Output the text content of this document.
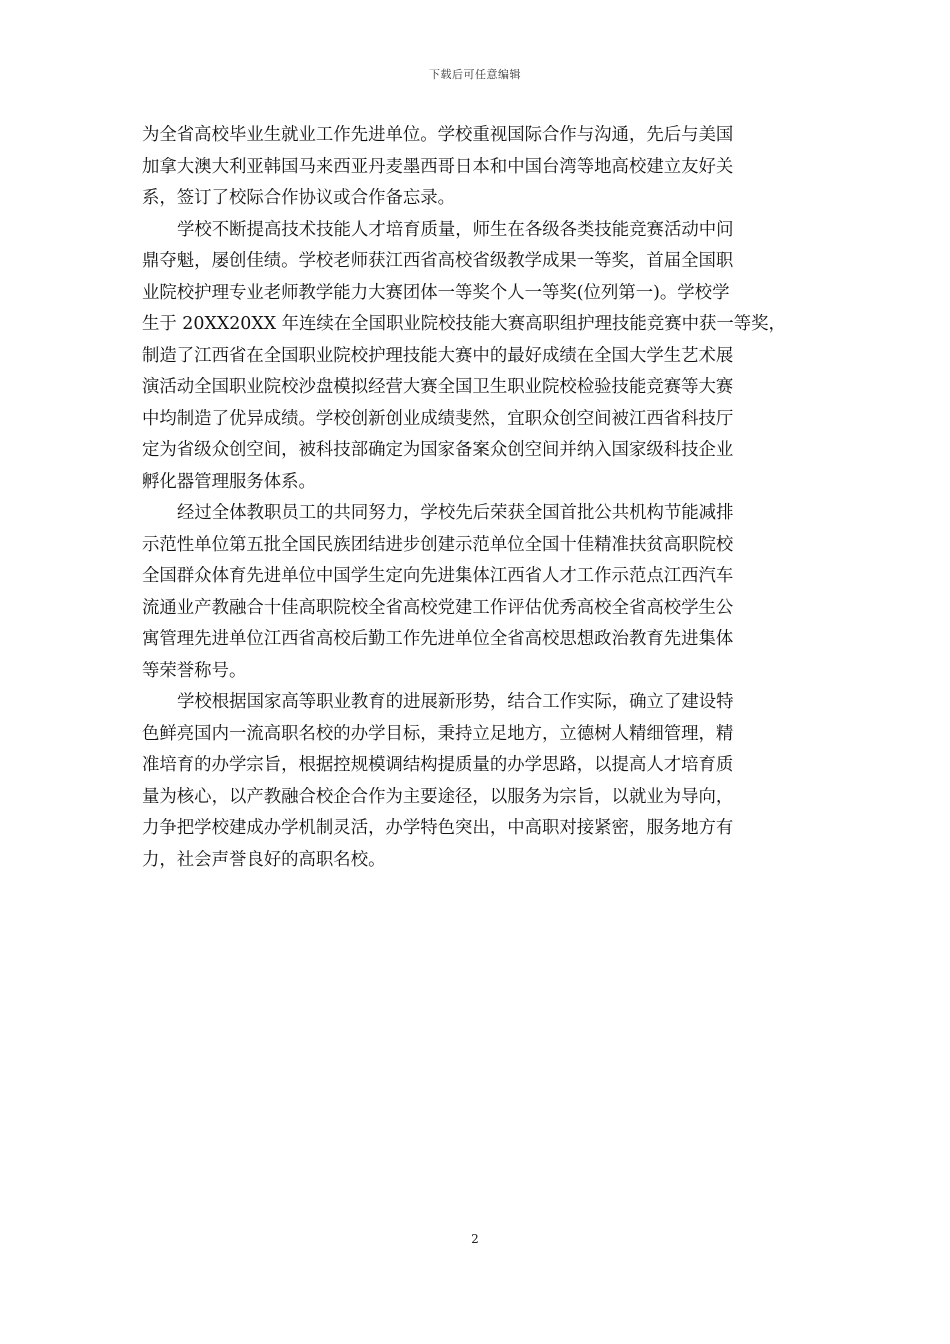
下载后可任意编辑
为全省高校毕业生就业工作先进单位。学校重视国际合作与沟通，先后与美国
加拿大澳大利亚韩国马来西亚丹麦墨西哥日本和中国台湾等地高校建立友好关
系，签订了校际合作协议或合作备忘录。
学校不断提高技术技能人才培育质量，师生在各级各类技能竞赛活动中问
鼎夺魁，屡创佳绩。学校老师获江西省高校省级教学成果一等奖，首届全国职
业院校护理专业老师教学能力大赛团体一等奖个人一等奖(位列第一)。学校学
生于 20XX20XX 年连续在全国职业院校技能大赛高职组护理技能竞赛中获一等奖，
制造了江西省在全国职业院校护理技能大赛中的最好成绩在全国大学生艺术展
演活动全国职业院校沙盘模拟经营大赛全国卫生职业院校检验技能竞赛等大赛
中均制造了优异成绩。学校创新创业成绩斐然，宜职众创空间被江西省科技厅
定为省级众创空间，被科技部确定为国家备案众创空间并纳入国家级科技企业
孵化器管理服务体系。
经过全体教职员工的共同努力，学校先后荣获全国首批公共机构节能减排
示范性单位第五批全国民族团结进步创建示范单位全国十佳精准扶贫高职院校
全国群众体育先进单位中国学生定向先进集体江西省人才工作示范点江西汽车
流通业产教融合十佳高职院校全省高校党建工作评估优秀高校全省高校学生公
寓管理先进单位江西省高校后勤工作先进单位全省高校思想政治教育先进集体
等荣誉称号。
学校根据国家高等职业教育的进展新形势，结合工作实际，确立了建设特
色鲜亮国内一流高职名校的办学目标，秉持立足地方，立德树人精细管理，精
准培育的办学宗旨，根据控规模调结构提质量的办学思路，以提高人才培育质
量为核心，以产教融合校企合作为主要途径，以服务为宗旨，以就业为导向，
力争把学校建成办学机制灵活，办学特色突出，中高职对接紧密，服务地方有
力，社会声誉良好的高职名校。
2
